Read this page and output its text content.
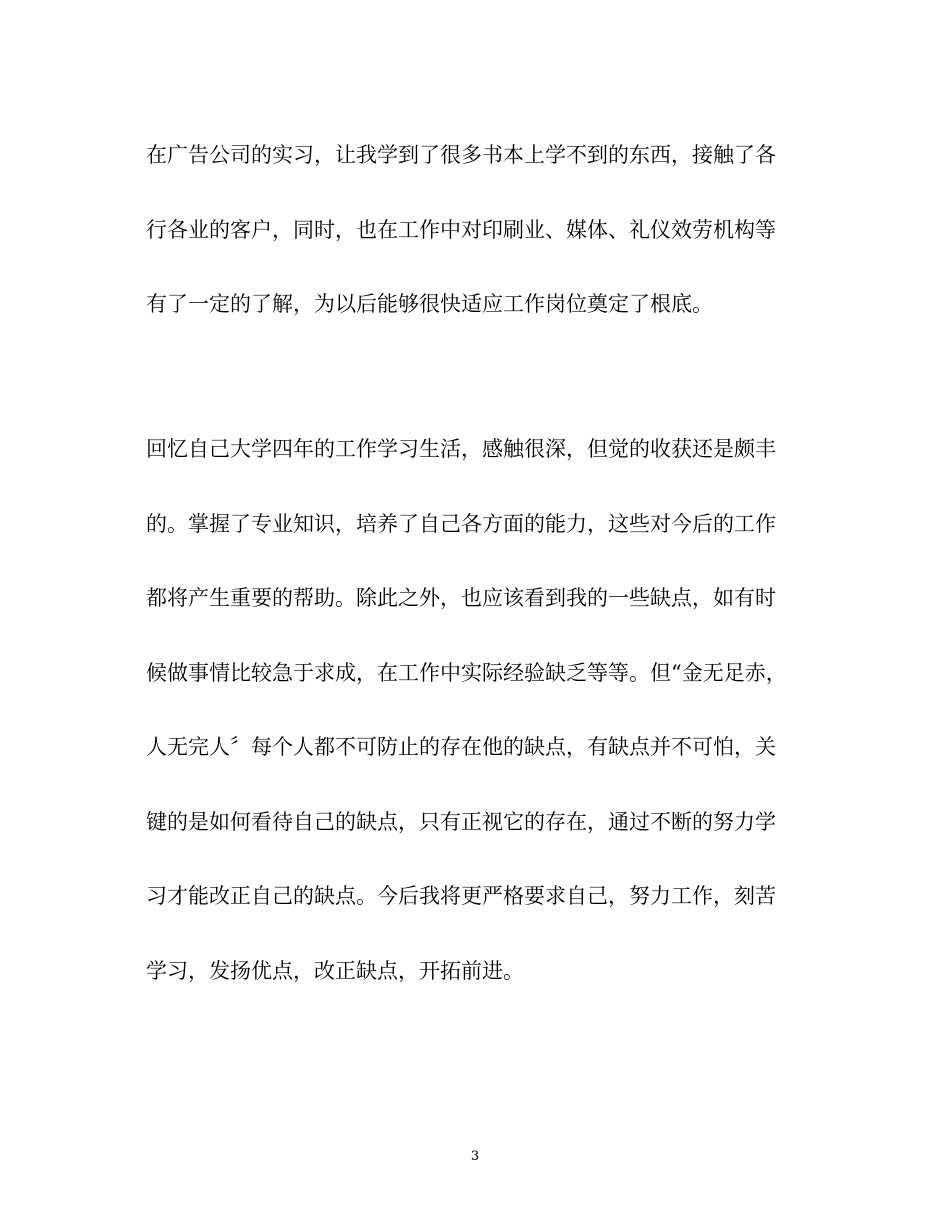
在广告公司的实习，让我学到了很多书本上学不到的东西，接触了各
行各业的客户，同时，也在工作中对印刷业、媒体、礼仪效劳机构等
有了一定的了解，为以后能够很快适应工作岗位奠定了根底。
回忆自己大学四年的工作学习生活，感触很深，但觉的收获还是颇丰
的。掌握了专业知识，培养了自己各方面的能力，这些对今后的工作
都将产生重要的帮助。除此之外，也应该看到我的一些缺点，如有时
候做事情比较急于求成，在工作中实际经验缺乏等等。但“金无足赤，
人无完人〞每个人都不可防止的存在他的缺点，有缺点并不可怕，关
键的是如何看待自己的缺点，只有正视它的存在，通过不断的努力学
习才能改正自己的缺点。今后我将更严格要求自己，努力工作，刻苦
学习，发扬优点，改正缺点，开拓前进。
3
